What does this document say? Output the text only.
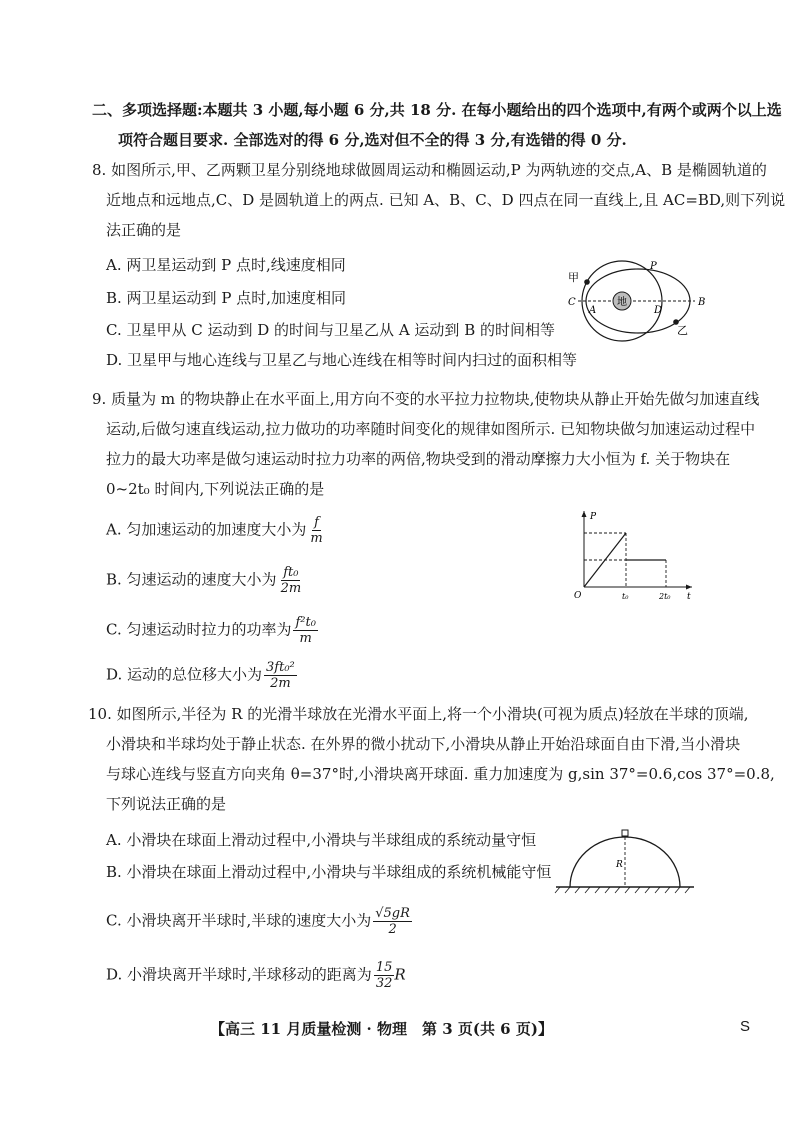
二、多项选择题:本题共 3 小题,每小题 6 分,共 18 分. 在每小题给出的四个选项中,有两个或两个以上选
项符合题目要求. 全部选对的得 6 分,选对但不全的得 3 分,有选错的得 0 分.
8. 如图所示,甲、乙两颗卫星分别绕地球做圆周运动和椭圆运动,P 为两轨迹的交点,A、B 是椭圆轨道的
近地点和远地点,C、D 是圆轨道上的两点. 已知 A、B、C、D 四点在同一直线上,且 AC=BD,则下列说
法正确的是
A. 两卫星运动到 P 点时,线速度相同
B. 两卫星运动到 P 点时,加速度相同
C. 卫星甲从 C 运动到 D 的时间与卫星乙从 A 运动到 B 的时间相等
D. 卫星甲与地心连线与卫星乙与地心连线在相等时间内扫过的面积相等
地
甲
乙
P
C
A	D
B
9. 质量为 m 的物块静止在水平面上,用方向不变的水平拉力拉物块,使物块从静止开始先做匀加速直线
运动,后做匀速直线运动,拉力做功的功率随时间变化的规律如图所示. 已知物块做匀加速运动过程中
拉力的最大功率是做匀速运动时拉力功率的两倍,物块受到的滑动摩擦力大小恒为 f. 关于物块在
0~2t₀ 时间内,下列说法正确的是
A. 匀加速运动的加速度大小为 $\frac{f}{m}$
B. 匀速运动的速度大小为 $\frac{\text{ft₀}}{2m}$
C. 匀速运动时拉力的功率为 $\frac{\text{f²t₀}}{m}$
D. 运动的总位移大小为 $\frac{\text{3ft₀²}}{2m}$
P
O	t₀	2t₀ t
10. 如图所示,半径为 R 的光滑半球放在光滑水平面上,将一个小滑块(可视为质点)轻放在半球的顶端,
小滑块和半球均处于静止状态. 在外界的微小扰动下,小滑块从静止开始沿球面自由下滑,当小滑块
与球心连线与竖直方向夹角 θ=37°时,小滑块离开球面. 重力加速度为 g,sin 37°=0.6,cos 37°=0.8,
下列说法正确的是
A. 小滑块在球面上滑动过程中,小滑块与半球组成的系统动量守恒
B. 小滑块在球面上滑动过程中,小滑块与半球组成的系统机械能守恒
C. 小滑块离开半球时,半球的速度大小为 $\frac{√5gR}{2}$
D. 小滑块离开半球时,半球移动的距离为 $\frac{15}{32}$ R
R
【高三 11 月质量检测 · 物理　第 3 页(共 6 页)】	S
